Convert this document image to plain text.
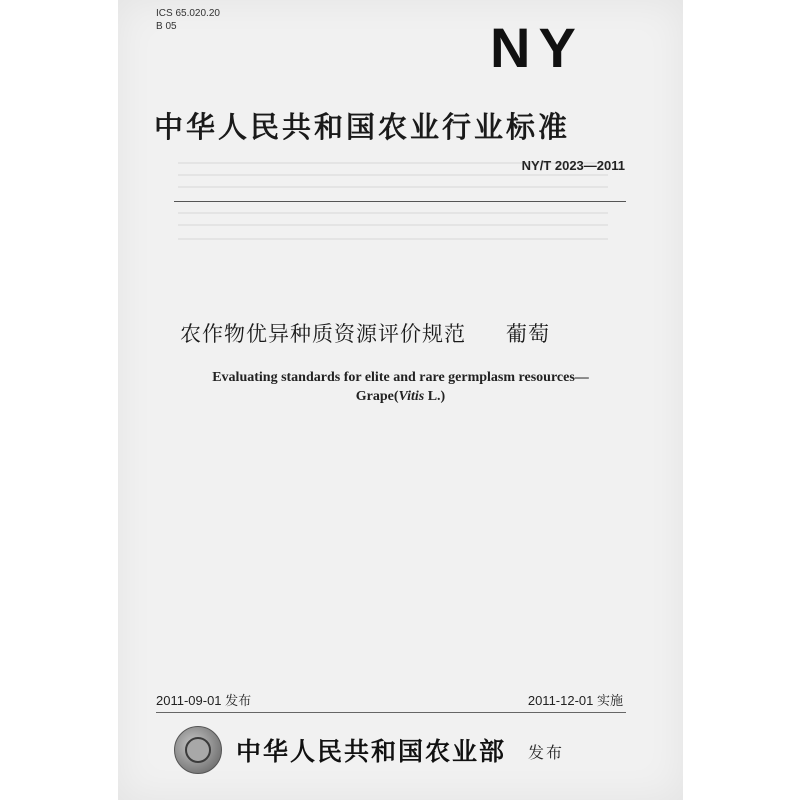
ICS 65.020.20
B 05	NY
中华人民共和国农业行业标准
NY/T 2023—2011
农作物优异种质资源评价规范 葡萄
Evaluating standards for elite and rare germplasm resources—
Grape(Vitis L.)
2011-09-01 发布	2011-12-01 实施
中华人民共和国农业部 发布
